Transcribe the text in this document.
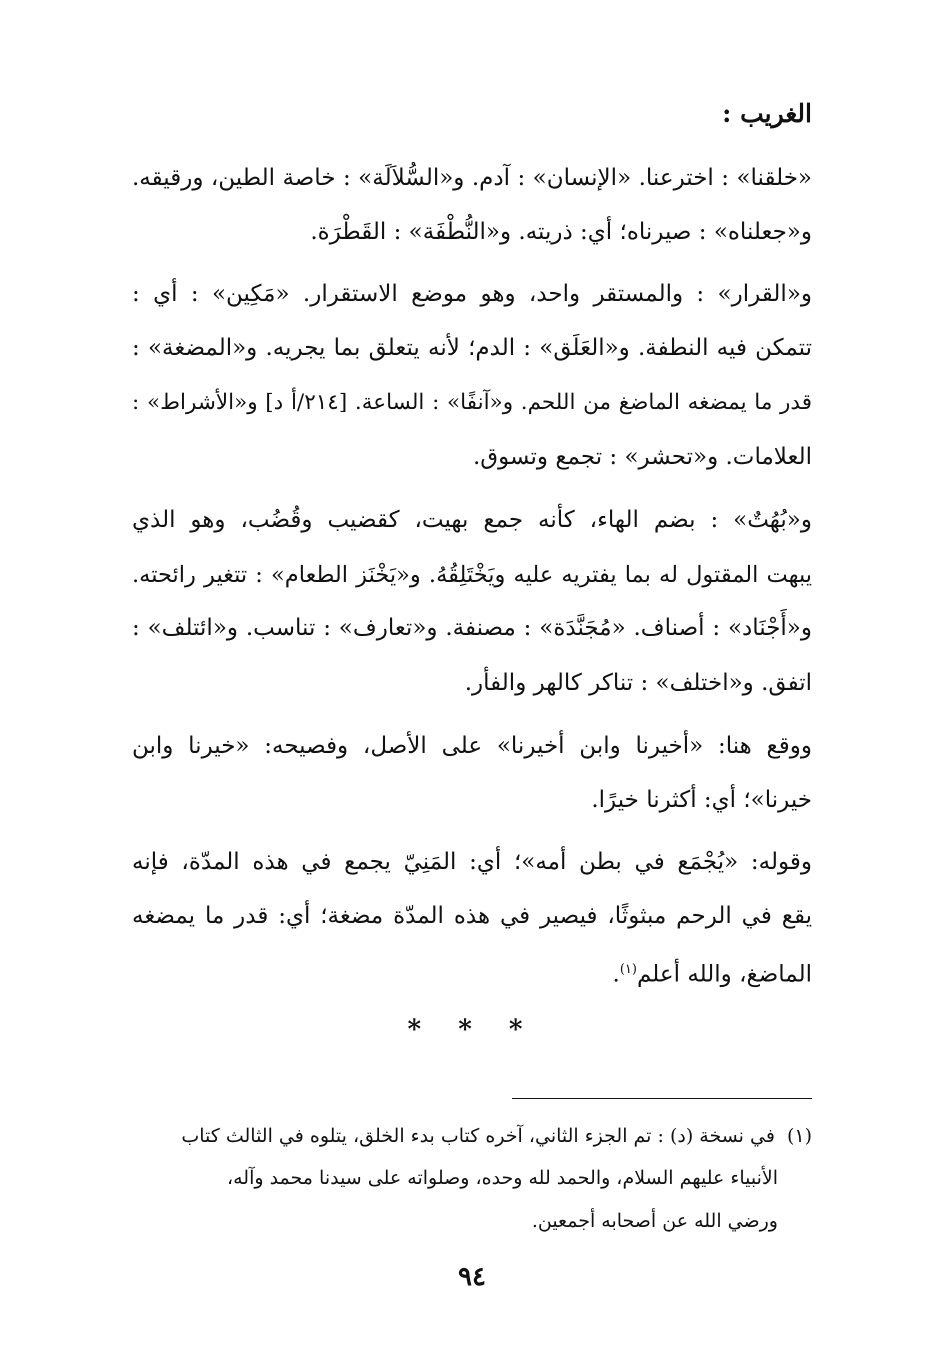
الغريب :
«خلقنا» : اخترعنا. «الإنسان» : آدم. و«السُّلاَلَة» : خاصة الطين، ورقيقه.
و«جعلناه» : صيرناه؛ أي: ذريته. و«النُّطْفَة» : القَطْرَة.
و«القرار» : والمستقر واحد، وهو موضع الاستقرار. «مَكِين» : أي :
تتمكن فيه النطفة. و«العَلَق» : الدم؛ لأنه يتعلق بما يجريه. و«المضغة» :
قدر ما يمضغه الماضغ من اللحم. و«آنفًا» : الساعة. [٢١٤/أ د] و«الأشراط» :
العلامات. و«تحشر» : تجمع وتسوق.
و«بُهُتٌ» : بضم الهاء، كأنه جمع بهيت، كقضيب وقُضُب، وهو الذي
يبهت المقتول له بما يفتريه عليه ويَخْتَلِقُهُ. و«يَخْنَز الطعام» : تتغير رائحته.
و«أَجْنَاد» : أصناف. «مُجَنَّدَة» : مصنفة. و«تعارف» : تناسب. و«ائتلف» :
اتفق. و«اختلف» : تناكر كالهر والفأر.
ووقع هنا: «أخيرنا وابن أخيرنا» على الأصل، وفصيحه: «خيرنا وابن
خيرنا»؛ أي: أكثرنا خيرًا.
وقوله: «يُجْمَع في بطن أمه»؛ أي: المَنِيّ يجمع في هذه المدّة، فإنه
يقع في الرحم مبثوثًا، فيصير في هذه المدّة مضغة؛ أي: قدر ما يمضغه
الماضغ، والله أعلم$^{(١)}$.
* * *
(١)في نسخة (د) : تم الجزء الثاني، آخره كتاب بدء الخلق، يتلوه في الثالث كتاب
الأنبياء عليهم السلام، والحمد لله وحده، وصلواته على سيدنا محمد وآله،
ورضي الله عن أصحابه أجمعين.
٩٤
